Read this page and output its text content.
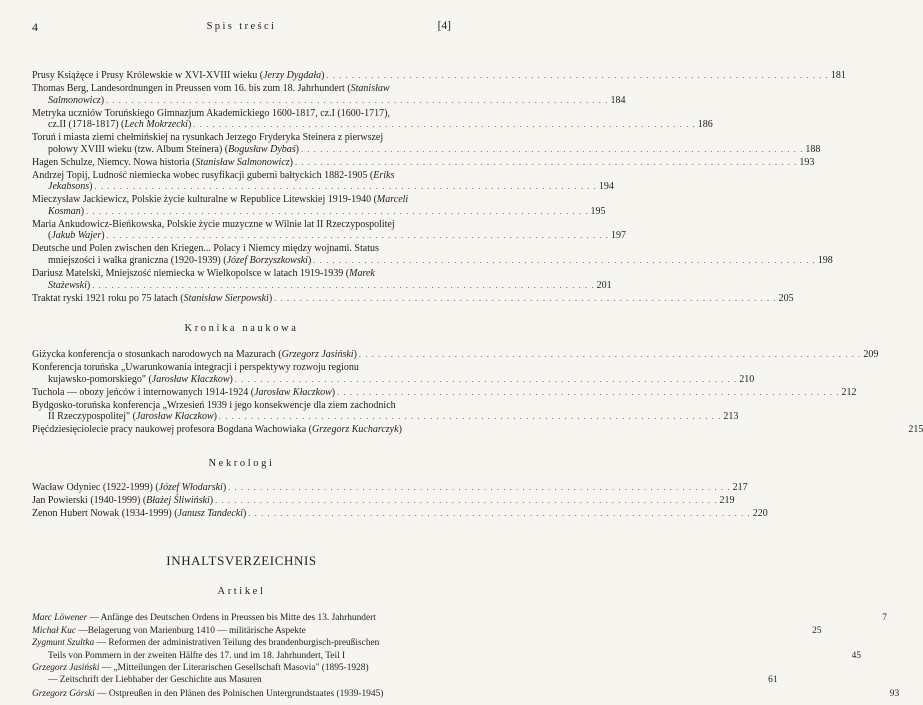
4	Spis treści	[4]
Prusy Książęce i Prusy Królewskie w XVI-XVIII wieku (Jerzy Dygdała) . . .	181
Thomas Berg, Landesordnungen in Preussen vom 16. bis zum 18. Jahrhundert (Stanisław
Salmonowicz) . . .	184
Metryka uczniów Toruńskiego Gimnazjum Akademickiego 1600-1817, cz.I (1600-1717),
cz.II (1718-1817) (Lech Mokrzecki) . . .	186
Toruń i miasta ziemi chełmińskiej na rysunkach Jerzego Fryderyka Steinera z pierwszej
połowy XVIII wieku (tzw. Album Steinera) (Bogusław Dybaś) . . .	188
Hagen Schulze, Niemcy. Nowa historia (Stanisław Salmonowicz) . . .	193
Andrzej Topij, Ludność niemiecka wobec rusyfikacji guberni bałtyckich 1882-1905 (Eriks
Jekabsons) . . .	194
Mieczysław Jackiewicz, Polskie życie kulturalne w Republice Litewskiej 1919-1940 (Marceli
Kosman) . . .	195
Maria Ankudowicz-Bieńkowska, Polskie życie muzyczne w Wilnie lat II Rzeczypospolitej
(Jakub Wajer) . . .	197
Deutsche und Polen zwischen den Kriegen... Polacy i Niemcy między wojnami. Status
mniejszości i walka graniczna (1920-1939) (Józef Borzyszkowski) . . .	198
Dariusz Matelski, Mniejszość niemiecka w Wielkopolsce w latach 1919-1939 (Marek
Stażewski) . . .	201
Traktat ryski 1921 roku po 75 latach (Stanisław Sierpowski) . . .	205
Kronika naukowa
Giżycka konferencja o stosunkach narodowych na Mazurach (Grzegorz Jasiński) . . .	209
Konferencja toruńska „Uwarunkowania integracji i perspektywy rozwoju regionu
kujawsko-pomorskiego" (Jarosław Kłaczkow) . . .	210
Tuchola — obozy jeńców i internowanych 1914-1924 (Jarosław Kłaczkow) . . .	212
Bydgosko-toruńska konferencja „Wrzesień 1939 i jego konsekwencje dla ziem zachodnich
II Rzeczypospolitej" (Jarosław Kłaczkow) . . .	213
Pięćdziesięciolecie pracy naukowej profesora Bogdana Wachowiaka (Grzegorz Kucharczyk)	215
Nekrologi
Wacław Odyniec (1922-1999) (Józef Włodarski) . . .	217
Jan Powierski (1940-1999) (Błażej Śliwiński) . . .	219
Zenon Hubert Nowak (1934-1999) (Janusz Tandecki) . . .	220
INHALTSVERZEICHNIS
Artikel
Marc Löwener — Anfänge des Deutschen Ordens in Preussen bis Mitte des 13. Jahrhundert	7
Michał Kuc —Belagerung von Marienburg 1410 — militärische Aspekte	25
Zygmunt Szultka — Reformen der administrativen Teilung des brandenburgisch-preußischen
Teils von Pommern in der zweiten Hälfte des 17. und im 18. Jahrhundert, Teil I	45
Grzegorz Jasiński — „Mitteilungen der Literarischen Gesellschaft Masovia" (1895-1928)
— Zeitschrift der Liebhaber der Geschichte aus Masuren	61
Grzegorz Górski — Ostpreußen in den Plänen des Polnischen Untergrundstaates (1939-1945)	93
